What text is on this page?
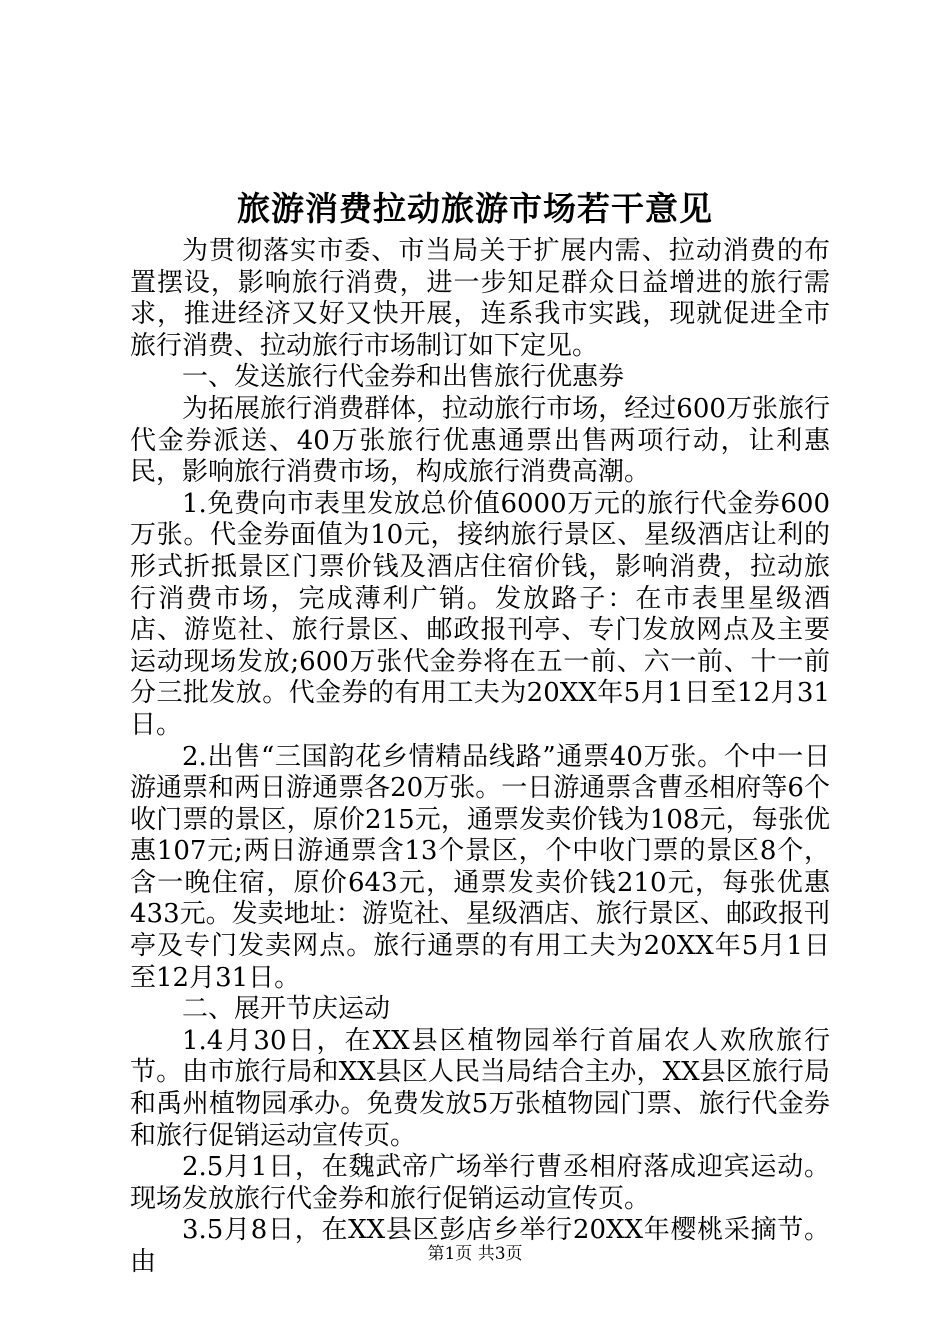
旅游消费拉动旅游市场若干意见

为贯彻落实市委、市当局关于扩展内需、拉动消费的布置摆设，影响旅行消费，进一步知足群众日益增进的旅行需求，推进经济又好又快开展，连系我市实践，现就促进全市旅行消费、拉动旅行市场制订如下定见。

一、发送旅行代金券和出售旅行优惠券

为拓展旅行消费群体，拉动旅行市场，经过600万张旅行代金券派送、40万张旅行优惠通票出售两项行动，让利惠民，影响旅行消费市场，构成旅行消费高潮。

1.免费向市表里发放总价值6000万元的旅行代金券600万张。代金券面值为10元，接纳旅行景区、星级酒店让利的形式折抵景区门票价钱及酒店住宿价钱，影响消费，拉动旅行消费市场，完成薄利广销。发放路子：在市表里星级酒店、游览社、旅行景区、邮政报刊亭、专门发放网点及主要运动现场发放;600万张代金券将在五一前、六一前、十一前分三批发放。代金券的有用工夫为20XX年5月1日至12月31日。

2.出售“三国韵花乡情精品线路”通票40万张。个中一日游通票和两日游通票各20万张。一日游通票含曹丞相府等6个收门票的景区，原价215元，通票发卖价钱为108元，每张优惠107元;两日游通票含13个景区，个中收门票的景区8个，含一晚住宿，原价643元，通票发卖价钱210元，每张优惠433元。发卖地址：游览社、星级酒店、旅行景区、邮政报刊亭及专门发卖网点。旅行通票的有用工夫为20XX年5月1日至12月31日。

二、展开节庆运动

1.4月30日，在XX县区植物园举行首届农人欢欣旅行节。由市旅行局和XX县区人民当局结合主办，XX县区旅行局和禹州植物园承办。免费发放5万张植物园门票、旅行代金券和旅行促销运动宣传页。

2.5月1日，在魏武帝广场举行曹丞相府落成迎宾运动。现场发放旅行代金券和旅行促销运动宣传页。

3.5月8日，在XX县区彭店乡举行20XX年樱桃采摘节。由	第1页 共3页
